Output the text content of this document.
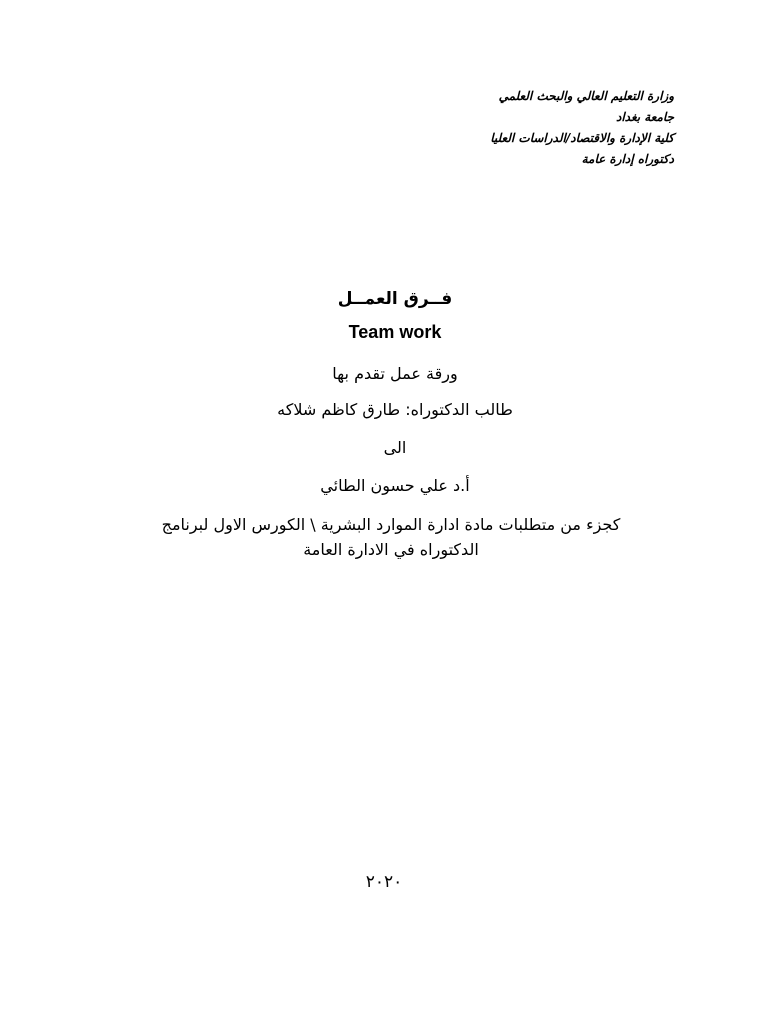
وزارة التعليم العالي والبحث العلمي
جامعة بغداد
كلية الإدارة والاقتصاد/الدراسات العليا
دكتوراه إدارة عامة
فــرق العمــل
Team work
ورقة عمل تقدم بها
طالب الدكتوراه: طارق كاظم شلاكه
الى
أ.د علي حسون الطائي
كجزء من متطلبات مادة ادارة الموارد البشرية \ الكورس الاول لبرنامج
الدكتوراه في الادارة العامة
٢٠٢٠
